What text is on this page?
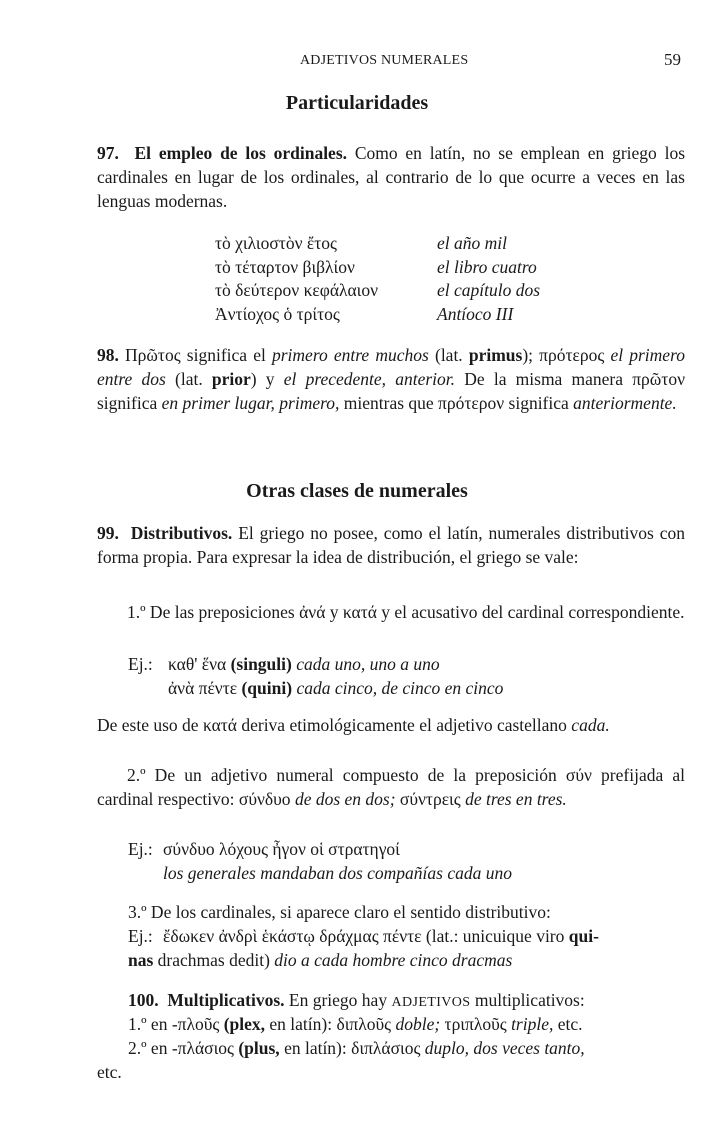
ADJETIVOS NUMERALES	59
Particularidades
97. El empleo de los ordinales. Como en latín, no se emplean en griego los cardinales en lugar de los ordinales, al contrario de lo que ocurre a veces en las lenguas modernas.
τὸ χιλιοστὸν ἔτος	el año mil
τὸ τέταρτον βιβλίον	el libro cuatro
τὸ δεύτερον κεφάλαιον	el capítulo dos
Ἀντίοχος ὁ τρίτος	Antíoco III
98. Πρῶτος significa el primero entre muchos (lat. primus); πρότερος el primero entre dos (lat. prior) y el precedente, anterior. De la misma manera πρῶτον significa en primer lugar, primero, mientras que πρότερον significa anteriormente.
Otras clases de numerales
99. Distributivos. El griego no posee, como el latín, numerales distributivos con forma propia. Para expresar la idea de distribución, el griego se vale:
1.º De las preposiciones ἀνά y κατά y el acusativo del cardinal correspondiente.
Ej.: καθ' ἕνα (singuli) cada uno, uno a uno
ἀνὰ πέντε (quini) cada cinco, de cinco en cinco
De este uso de κατά deriva etimológicamente el adjetivo castellano cada.
2.º De un adjetivo numeral compuesto de la preposición σύν prefijada al cardinal respectivo: σύνδυο de dos en dos; σύντρεις de tres en tres.
Ej.: σύνδυο λόχους ἦγον οἱ στρατηγοί
los generales mandaban dos compañías cada uno
3.º De los cardinales, si aparece claro el sentido distributivo:
Ej.: ἔδωκεν ἀνδρὶ ἑκάστῳ δράχμας πέντε (lat.: unicuique viro qui-
nas drachmas dedit) dio a cada hombre cinco dracmas
100. Multiplicativos. En griego hay ADJETIVOS multiplicativos:
1.º en -πλοῦς (plex, en latín): διπλοῦς doble; τριπλοῦς triple, etc.
2.º en -πλάσιος (plus, en latín): διπλάσιος duplo, dos veces tanto,
etc.
